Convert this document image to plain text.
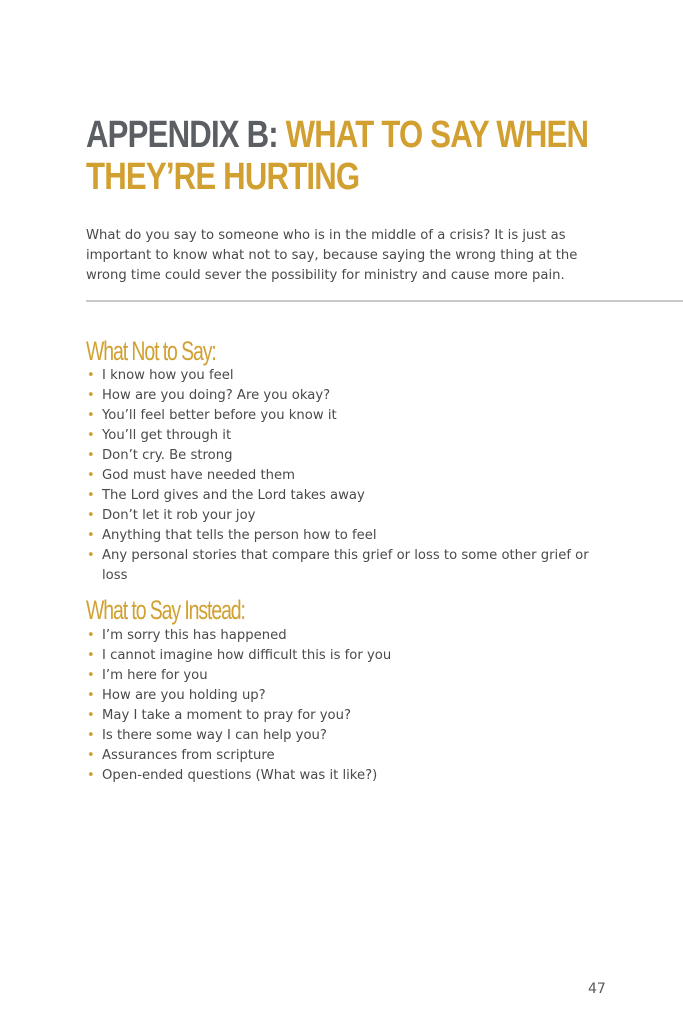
APPENDIX B: WHAT TO SAY WHEN
THEY’RE HURTING

What do you say to someone who is in the middle of a crisis? It is just as important to know what not to say, because saying the wrong thing at the wrong time could sever the possibility for ministry and cause more pain.

What Not to Say:
• I know how you feel
• How are you doing? Are you okay?
• You’ll feel better before you know it
• You’ll get through it
• Don’t cry. Be strong
• God must have needed them
• The Lord gives and the Lord takes away
• Don’t let it rob your joy
• Anything that tells the person how to feel
• Any personal stories that compare this grief or loss to some other grief or loss
What to Say Instead:
• I’m sorry this has happened
• I cannot imagine how difficult this is for you
• I’m here for you
• How are you holding up?
• May I take a moment to pray for you?
• Is there some way I can help you?
• Assurances from scripture
• Open-ended questions (What was it like?)
47
